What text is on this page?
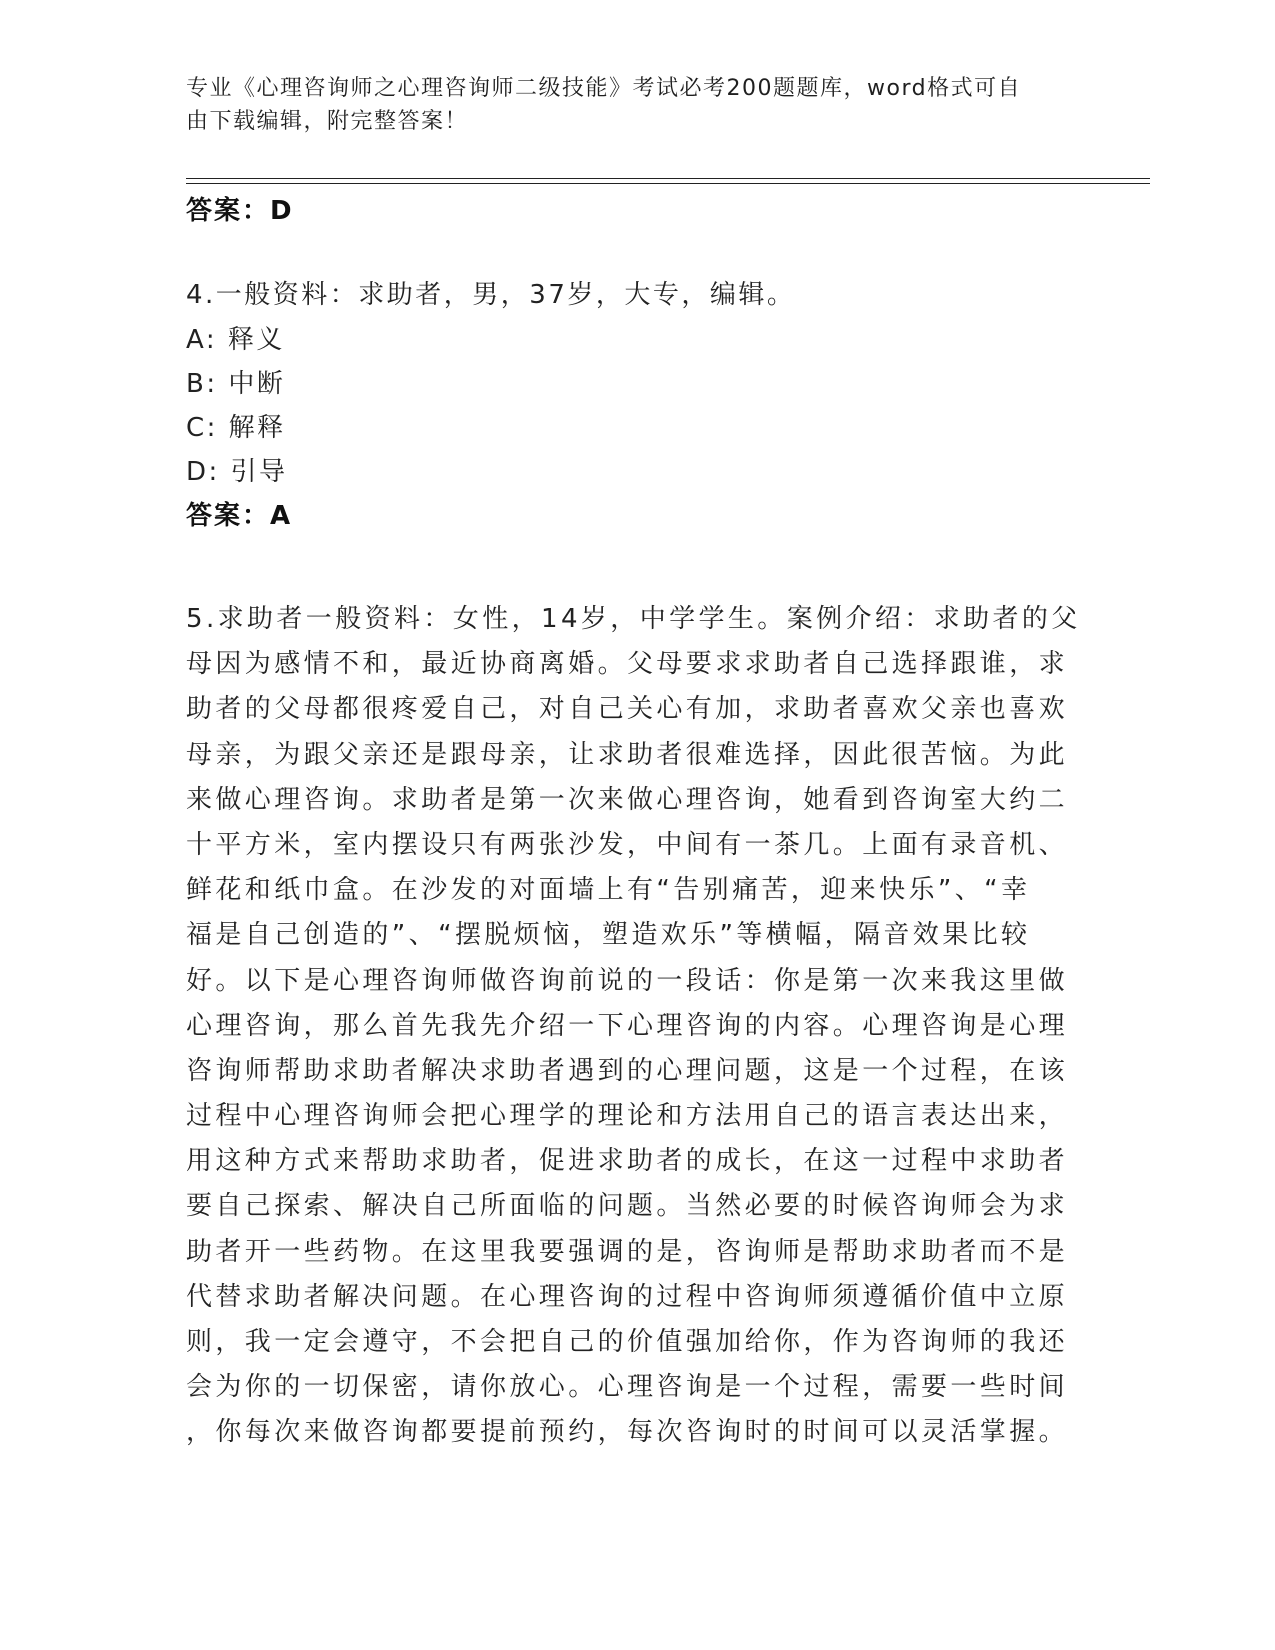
专业《心理咨询师之心理咨询师二级技能》考试必考200题题库，word格式可自
由下载编辑，附完整答案！
答案：D
4.一般资料：求助者，男，37岁，大专，编辑。
A: 释义
B: 中断
C: 解释
D: 引导
答案：A
5.求助者一般资料：女性，14岁，中学学生。案例介绍：求助者的父
母因为感情不和，最近协商离婚。父母要求求助者自己选择跟谁，求
助者的父母都很疼爱自己，对自己关心有加，求助者喜欢父亲也喜欢
母亲，为跟父亲还是跟母亲，让求助者很难选择，因此很苦恼。为此
来做心理咨询。求助者是第一次来做心理咨询，她看到咨询室大约二
十平方米，室内摆设只有两张沙发，中间有一茶几。上面有录音机、
鲜花和纸巾盒。在沙发的对面墙上有“告别痛苦，迎来快乐”、“幸
福是自己创造的”、“摆脱烦恼，塑造欢乐”等横幅，隔音效果比较
好。以下是心理咨询师做咨询前说的一段话：你是第一次来我这里做
心理咨询，那么首先我先介绍一下心理咨询的内容。心理咨询是心理
咨询师帮助求助者解决求助者遇到的心理问题，这是一个过程，在该
过程中心理咨询师会把心理学的理论和方法用自己的语言表达出来，
用这种方式来帮助求助者，促进求助者的成长，在这一过程中求助者
要自己探索、解决自己所面临的问题。当然必要的时候咨询师会为求
助者开一些药物。在这里我要强调的是，咨询师是帮助求助者而不是
代替求助者解决问题。在心理咨询的过程中咨询师须遵循价值中立原
则，我一定会遵守，不会把自己的价值强加给你，作为咨询师的我还
会为你的一切保密，请你放心。心理咨询是一个过程，需要一些时间
，你每次来做咨询都要提前预约，每次咨询时的时间可以灵活掌握。
